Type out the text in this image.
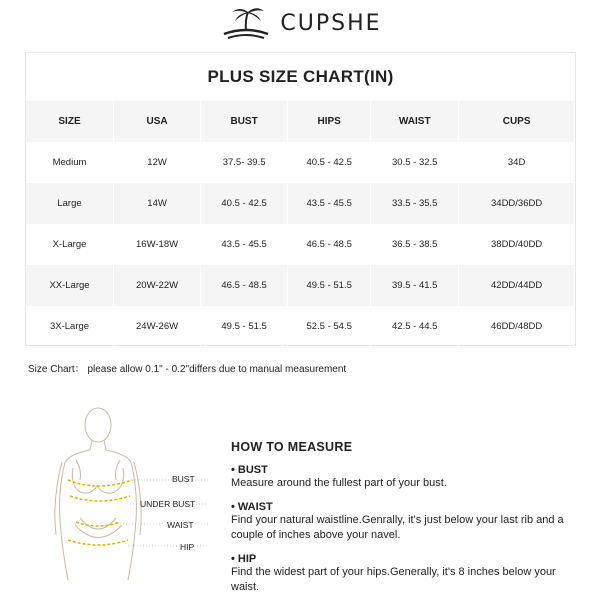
CUPSHE
PLUS SIZE CHART(IN)
SIZE	USA	BUST	HIPS	WAIST	CUPS
Medium	12W	37.5- 39.5	40.5 - 42.5	30.5 - 32.5	34D
Large	14W	40.5 - 42.5	43.5 - 45.5	33.5 - 35.5	34DD/36DD
X-Large	16W-18W	43.5 - 45.5	46.5 - 48.5	36.5 - 38.5	38DD/40DD
XX-Large	20W-22W	46.5 - 48.5	49.5 - 51.5	39.5 - 41.5	42DD/44DD
3X-Large	24W-26W	49.5 - 51.5	52.5 - 54.5	42.5 - 44.5	46DD/48DD
Size Chart： please allow 0.1" - 0.2"differs due to manual measurement
BUST
UNDER BUST
WAIST
HIP
HOW TO MEASURE
• BUST
Measure around the fullest part of your bust.
• WAIST
Find your natural waistline.Genrally, it's just below your last rib and a couple of inches above your navel.
• HIP
Find the widest part of your hips.Generally, it's 8 inches below your waist.
